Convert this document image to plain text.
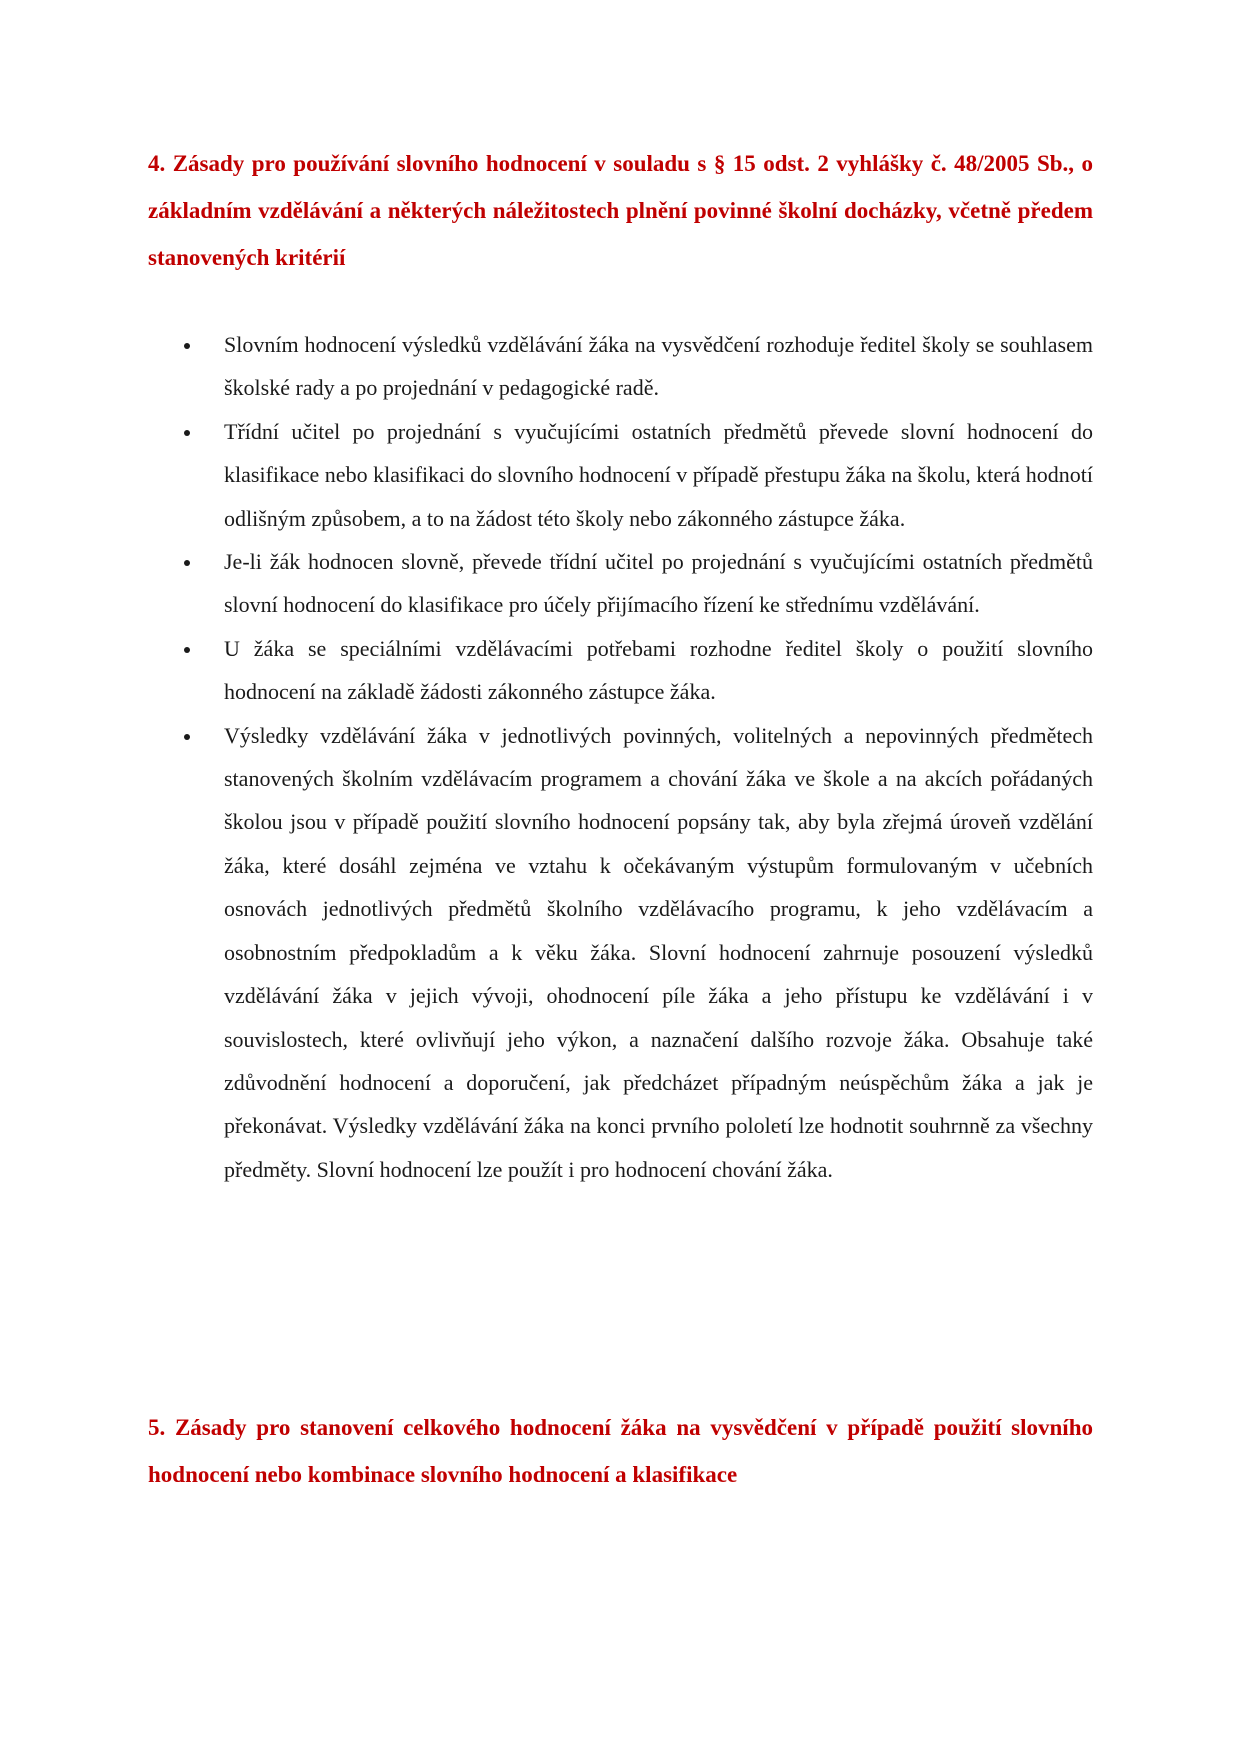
4. Zásady pro používání slovního hodnocení v souladu s § 15 odst. 2 vyhlášky č. 48/2005 Sb., o základním vzdělávání a některých náležitostech plnění povinné školní docházky, včetně předem stanovených kritérií

Slovním hodnocení výsledků vzdělávání žáka na vysvědčení rozhoduje ředitel školy se souhlasem školské rady a po projednání v pedagogické radě.
Třídní učitel po projednání s vyučujícími ostatních předmětů převede slovní hodnocení do klasifikace nebo klasifikaci do slovního hodnocení v případě přestupu žáka na školu, která hodnotí odlišným způsobem, a to na žádost této školy nebo zákonného zástupce žáka.
Je-li žák hodnocen slovně, převede třídní učitel po projednání s vyučujícími ostatních předmětů slovní hodnocení do klasifikace pro účely přijímacího řízení ke střednímu vzdělávání.
U žáka se speciálními vzdělávacími potřebami rozhodne ředitel školy o použití slovního hodnocení na základě žádosti zákonného zástupce žáka.
Výsledky vzdělávání žáka v jednotlivých povinných, volitelných a nepovinných předmětech stanovených školním vzdělávacím programem a chování žáka ve škole a na akcích pořádaných školou jsou v případě použití slovního hodnocení popsány tak, aby byla zřejmá úroveň vzdělání žáka, které dosáhl zejména ve vztahu k očekávaným výstupům formulovaným v učebních osnovách jednotlivých předmětů školního vzdělávacího programu, k jeho vzdělávacím a osobnostním předpokladům a k věku žáka. Slovní hodnocení zahrnuje posouzení výsledků vzdělávání žáka v jejich vývoji, ohodnocení píle žáka a jeho přístupu ke vzdělávání i v souvislostech, které ovlivňují jeho výkon, a naznačení dalšího rozvoje žáka. Obsahuje také zdůvodnění hodnocení a doporučení, jak předcházet případným neúspěchům žáka a jak je překonávat. Výsledky vzdělávání žáka na konci prvního pololetí lze hodnotit souhrnně za všechny předměty. Slovní hodnocení lze použít i pro hodnocení chování žáka.

5. Zásady pro stanovení celkového hodnocení žáka na vysvědčení v případě použití slovního hodnocení nebo kombinace slovního hodnocení a klasifikace
